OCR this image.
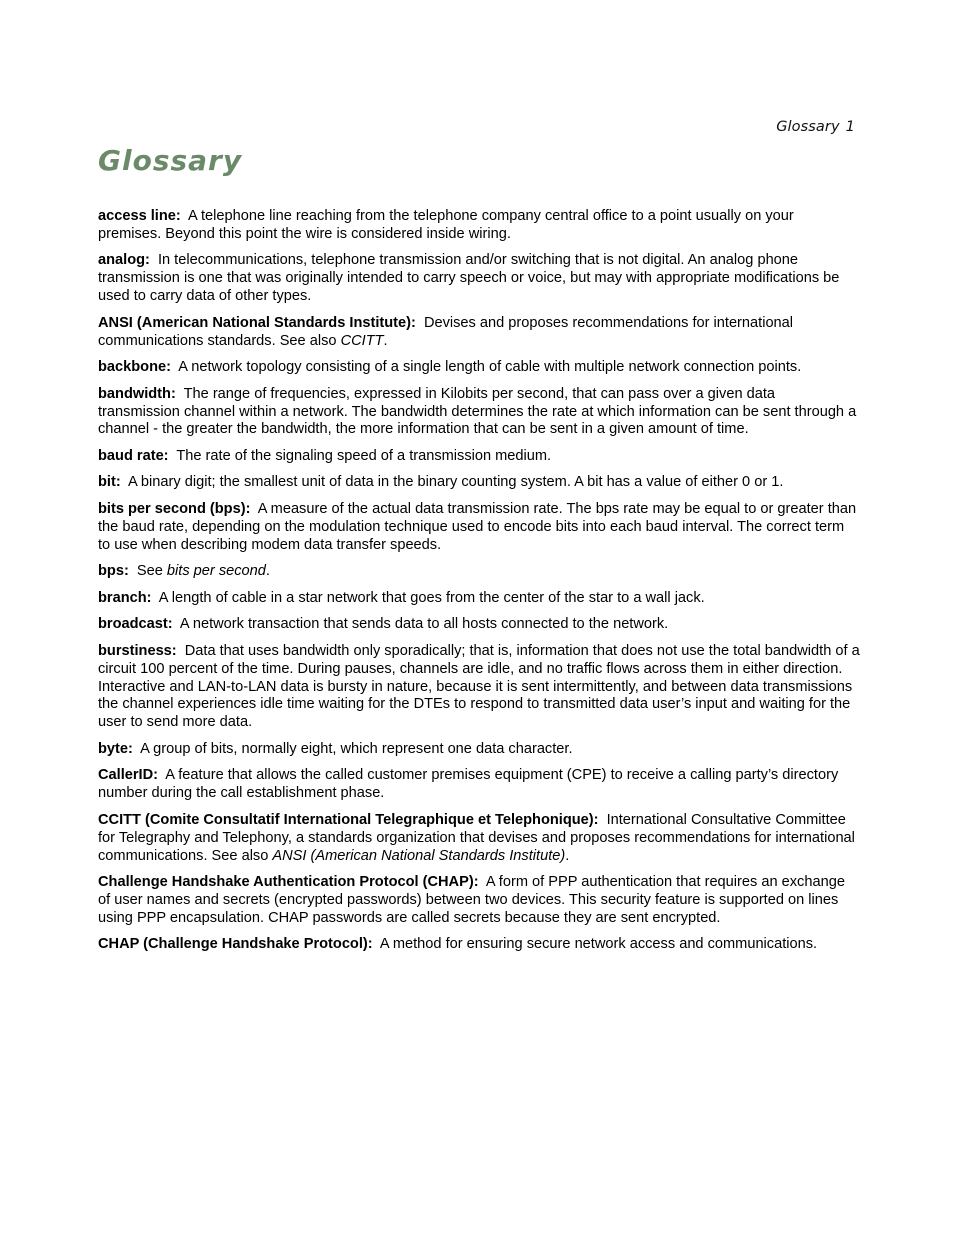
Glossary 1
Glossary

access line: A telephone line reaching from the telephone company central office to a point usually on your premises. Beyond this point the wire is considered inside wiring.

analog: In telecommunications, telephone transmission and/or switching that is not digital. An analog phone transmission is one that was originally intended to carry speech or voice, but may with appropriate modifications be used to carry data of other types.

ANSI (American National Standards Institute): Devises and proposes recommendations for international communications standards. See also CCITT.

backbone: A network topology consisting of a single length of cable with multiple network connection points.

bandwidth: The range of frequencies, expressed in Kilobits per second, that can pass over a given data transmission channel within a network. The bandwidth determines the rate at which information can be sent through a channel - the greater the bandwidth, the more information that can be sent in a given amount of time.

baud rate: The rate of the signaling speed of a transmission medium.

bit: A binary digit; the smallest unit of data in the binary counting system. A bit has a value of either 0 or 1.

bits per second (bps): A measure of the actual data transmission rate. The bps rate may be equal to or greater than the baud rate, depending on the modulation technique used to encode bits into each baud interval. The correct term to use when describing modem data transfer speeds.

bps: See bits per second.

branch: A length of cable in a star network that goes from the center of the star to a wall jack.

broadcast: A network transaction that sends data to all hosts connected to the network.

burstiness: Data that uses bandwidth only sporadically; that is, information that does not use the total bandwidth of a circuit 100 percent of the time. During pauses, channels are idle, and no traffic flows across them in either direction. Interactive and LAN-to-LAN data is bursty in nature, because it is sent intermittently, and between data transmissions the channel experiences idle time waiting for the DTEs to respond to transmitted data user’s input and waiting for the user to send more data.

byte: A group of bits, normally eight, which represent one data character.

CallerID: A feature that allows the called customer premises equipment (CPE) to receive a calling party’s directory number during the call establishment phase.

CCITT (Comite Consultatif International Telegraphique et Telephonique): International Consultative Committee for Telegraphy and Telephony, a standards organization that devises and proposes recommendations for international communications. See also ANSI (American National Standards Institute).

Challenge Handshake Authentication Protocol (CHAP): A form of PPP authentication that requires an exchange of user names and secrets (encrypted passwords) between two devices. This security feature is supported on lines using PPP encapsulation. CHAP passwords are called secrets because they are sent encrypted.

CHAP (Challenge Handshake Protocol): A method for ensuring secure network access and communications.
